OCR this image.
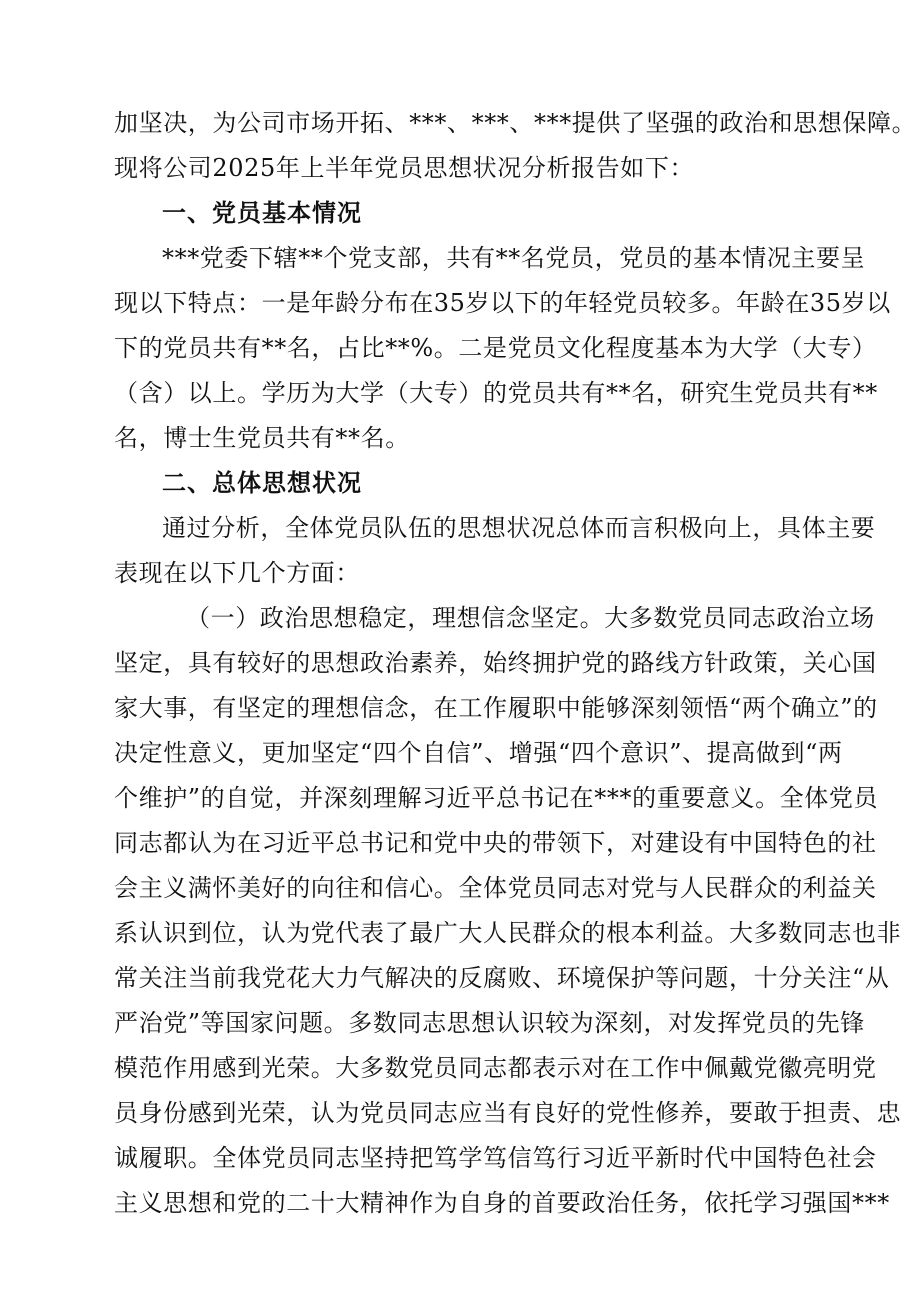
加坚决，为公司市场开拓、***、***、***提供了坚强的政治和思想保障。
现将公司2025年上半年党员思想状况分析报告如下：
一、党员基本情况
***党委下辖**个党支部，共有**名党员，党员的基本情况主要呈
现以下特点：一是年龄分布在35岁以下的年轻党员较多。年龄在35岁以
下的党员共有**名，占比**%。二是党员文化程度基本为大学（大专）
（含）以上。学历为大学（大专）的党员共有**名，研究生党员共有**
名，博士生党员共有**名。
二、总体思想状况
通过分析，全体党员队伍的思想状况总体而言积极向上，具体主要
表现在以下几个方面：
（一）政治思想稳定，理想信念坚定。大多数党员同志政治立场
坚定，具有较好的思想政治素养，始终拥护党的路线方针政策，关心国
家大事，有坚定的理想信念，在工作履职中能够深刻领悟“两个确立”的
决定性意义，更加坚定“四个自信”、增强“四个意识”、提高做到“两
个维护”的自觉，并深刻理解习近平总书记在***的重要意义。全体党员
同志都认为在习近平总书记和党中央的带领下，对建设有中国特色的社
会主义满怀美好的向往和信心。全体党员同志对党与人民群众的利益关
系认识到位，认为党代表了最广大人民群众的根本利益。大多数同志也非
常关注当前我党花大力气解决的反腐败、环境保护等问题，十分关注“从
严治党”等国家问题。多数同志思想认识较为深刻，对发挥党员的先锋
模范作用感到光荣。大多数党员同志都表示对在工作中佩戴党徽亮明党
员身份感到光荣，认为党员同志应当有良好的党性修养，要敢于担责、忠
诚履职。全体党员同志坚持把笃学笃信笃行习近平新时代中国特色社会
主义思想和党的二十大精神作为自身的首要政治任务，依托学习强国***
